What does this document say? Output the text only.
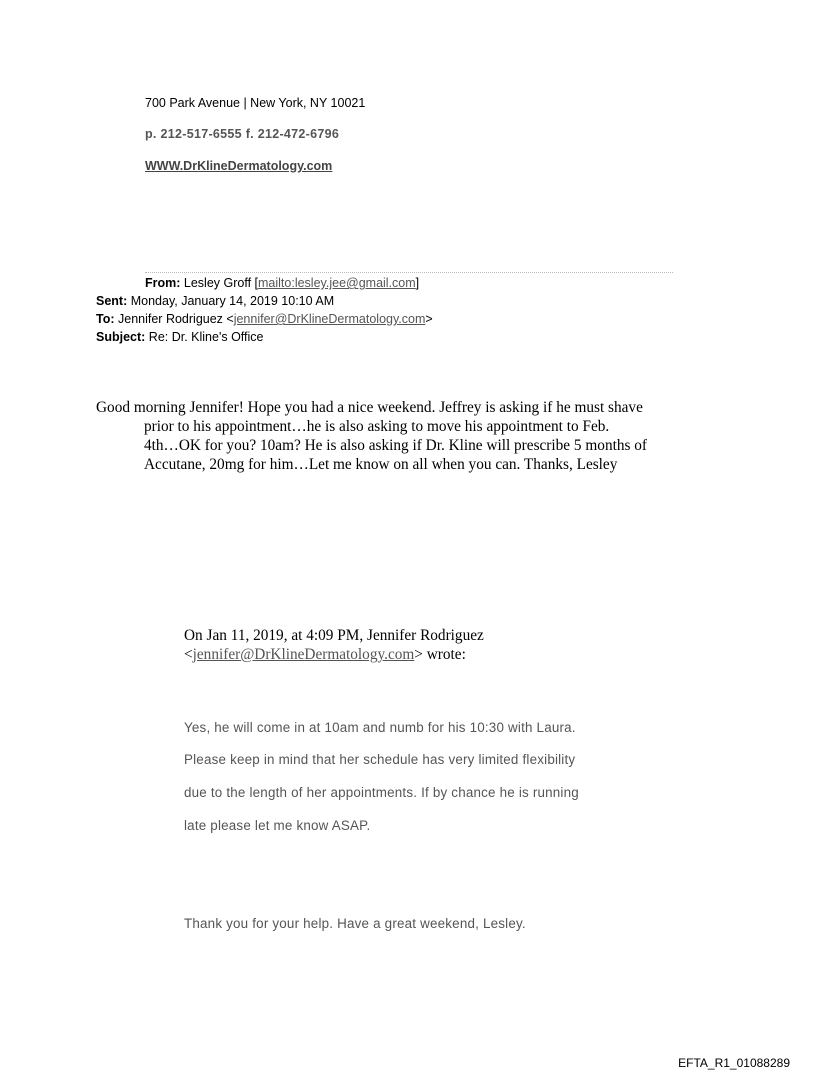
700 Park Avenue | New York, NY 10021
p. 212-517-6555 f. 212-472-6796
WWW.DrKlineDermatology.com
From: Lesley Groff [mailto:lesley.jee@gmail.com]
Sent: Monday, January 14, 2019 10:10 AM
To: Jennifer Rodriguez <jennifer@DrKlineDermatology.com>
Subject: Re: Dr. Kline's Office
Good morning Jennifer! Hope you had a nice weekend. Jeffrey is asking if he must shave
prior to his appointment…he is also asking to move his appointment to Feb.
4th…OK for you? 10am? He is also asking if Dr. Kline will prescribe 5 months of
Accutane, 20mg for him…Let me know on all when you can. Thanks, Lesley
On Jan 11, 2019, at 4:09 PM, Jennifer Rodriguez
<jennifer@DrKlineDermatology.com> wrote:
Yes, he will come in at 10am and numb for his 10:30 with Laura.
Please keep in mind that her schedule has very limited flexibility
due to the length of her appointments. If by chance he is running
late please let me know ASAP.
Thank you for your help. Have a great weekend, Lesley.
EFTA_R1_01088289
